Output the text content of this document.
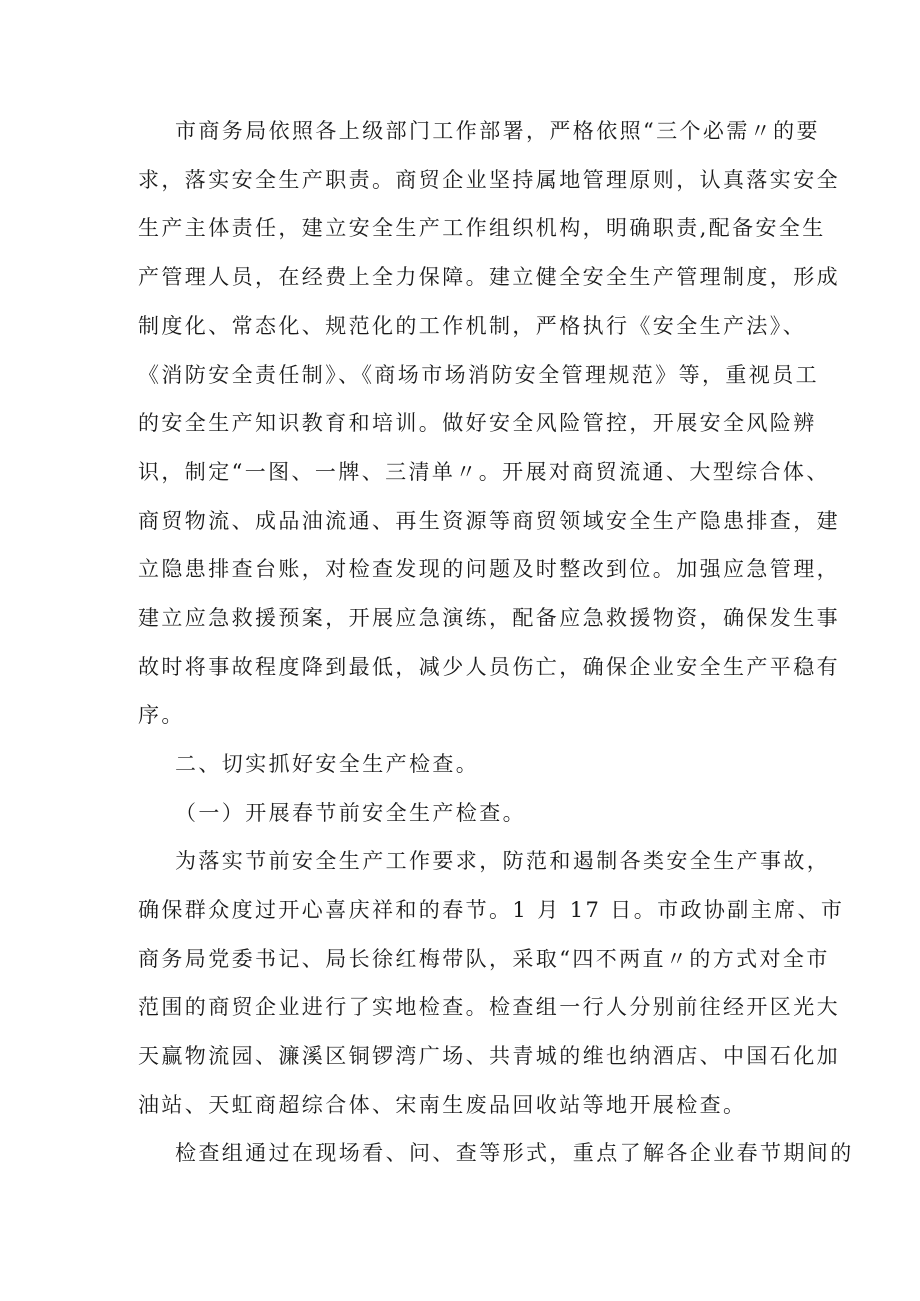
市商务局依照各上级部门工作部署，严格依照“三个必需〃的要
求，落实安全生产职责。商贸企业坚持属地管理原则，认真落实安全
生产主体责任，建立安全生产工作组织机构，明确职责,配备安全生
产管理人员，在经费上全力保障。建立健全安全生产管理制度，形成
制度化、常态化、规范化的工作机制，严格执行《安全生产法》、
《消防安全责任制》、《商场市场消防安全管理规范》等，重视员工
的安全生产知识教育和培训。做好安全风险管控，开展安全风险辨
识，制定“一图、一牌、三清单〃。开展对商贸流通、大型综合体、
商贸物流、成品油流通、再生资源等商贸领域安全生产隐患排查，建
立隐患排查台账，对检查发现的问题及时整改到位。加强应急管理，
建立应急救援预案，开展应急演练，配备应急救援物资，确保发生事
故时将事故程度降到最低，减少人员伤亡，确保企业安全生产平稳有
序。
二、切实抓好安全生产检查。
（一）开展春节前安全生产检查。
为落实节前安全生产工作要求，防范和遏制各类安全生产事故，
确保群众度过开心喜庆祥和的春节。1 月 17 日。市政协副主席、市
商务局党委书记、局长徐红梅带队，采取“四不两直〃的方式对全市
范围的商贸企业进行了实地检查。检查组一行人分别前往经开区光大
天赢物流园、濂溪区铜锣湾广场、共青城的维也纳酒店、中国石化加
油站、天虹商超综合体、宋南生废品回收站等地开展检查。
检查组通过在现场看、问、查等形式，重点了解各企业春节期间的
